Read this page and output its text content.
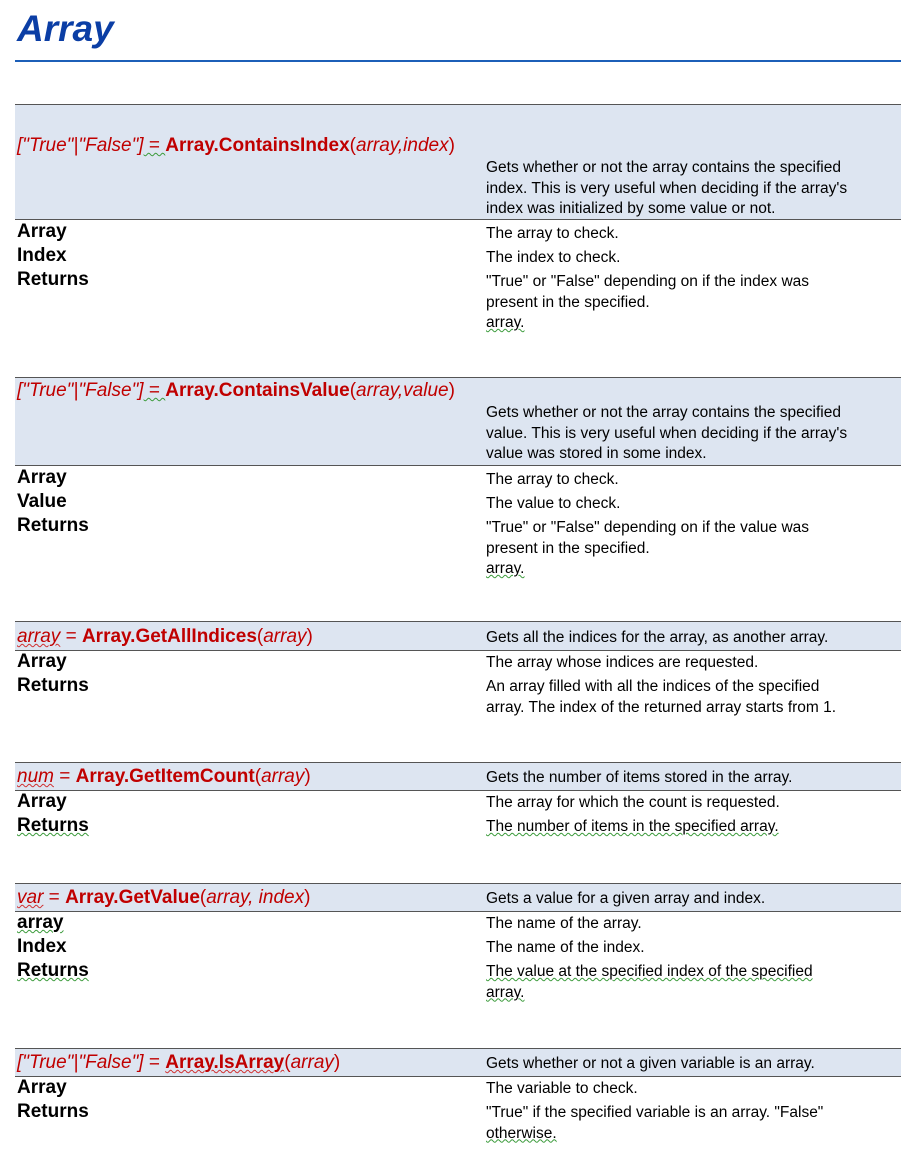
Array
["True"|"False"] = Array.ContainsIndex(array,index)
Gets whether or not the array contains the specified
index. This is very useful when deciding if the array's
index was initialized by some value or not.
Array	The array to check.
Index	The index to check.
Returns	"True" or "False" depending on if the index was
present in the specified.
array.
["True"|"False"] = Array.ContainsValue(array,value)
Gets whether or not the array contains the specified
value. This is very useful when deciding if the array's
value was stored in some index.
Array	The array to check.
Value	The value to check.
Returns	"True" or "False" depending on if the value was
present in the specified.
array.
array = Array.GetAllIndices(array)	Gets all the indices for the array, as another array.
Array	The array whose indices are requested.
Returns	An array filled with all the indices of the specified
array. The index of the returned array starts from 1.
num = Array.GetItemCount(array)	Gets the number of items stored in the array.
Array	The array for which the count is requested.
Returns	The number of items in the specified array.
var = Array.GetValue(array, index)	Gets a value for a given array and index.
array	The name of the array.
Index	The name of the index.
Returns	The value at the specified index of the specified
array.
["True"|"False"] = Array.IsArray(array)	Gets whether or not a given variable is an array.
Array	The variable to check.
Returns	"True" if the specified variable is an array. "False"
otherwise.
